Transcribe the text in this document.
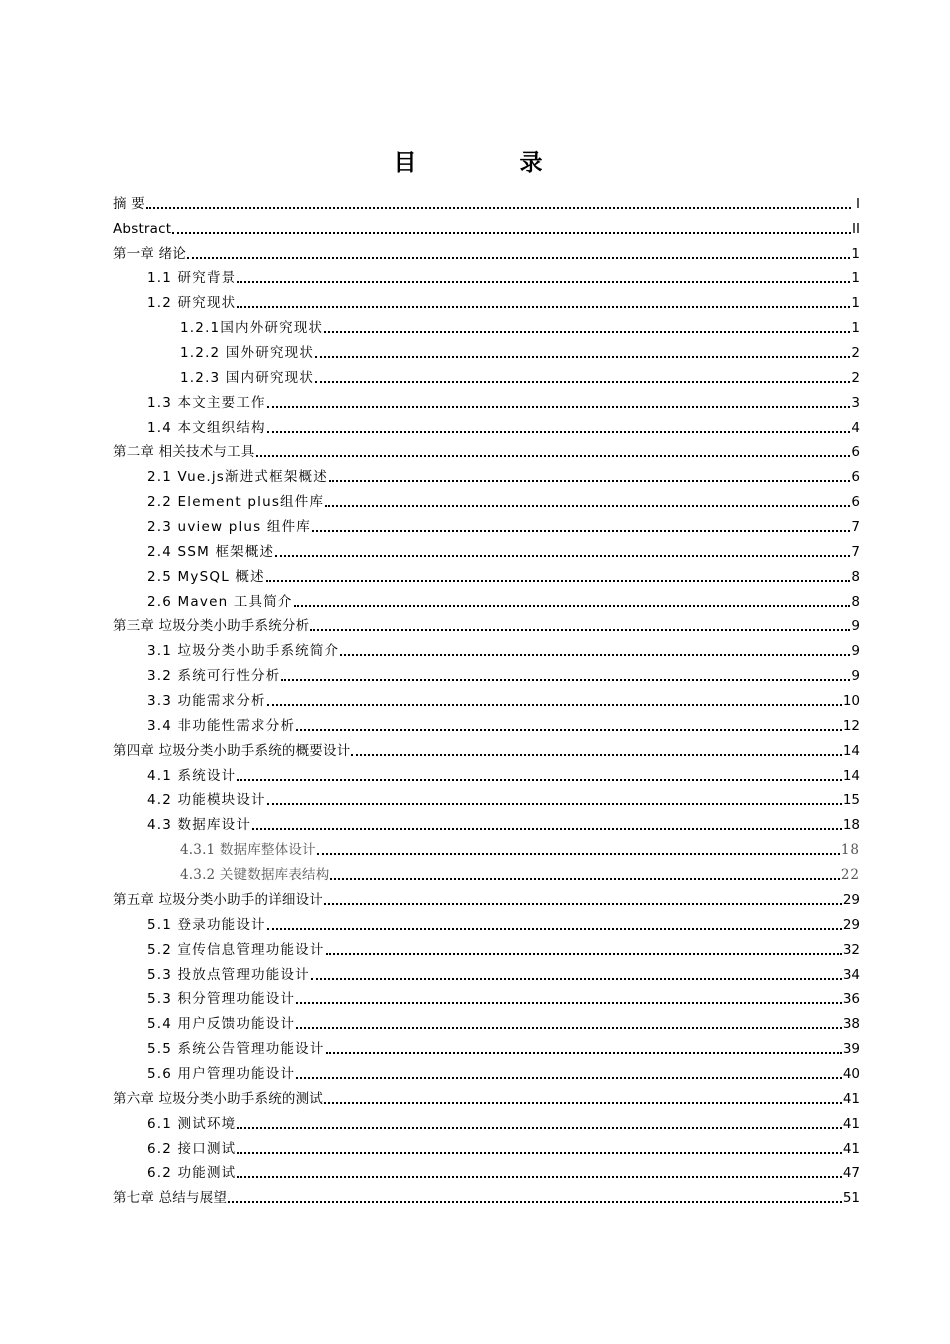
目　录
摘 要	I
Abstract	II
第一章 绪论	1
1.1 研究背景	1
1.2 研究现状	1
1.2.1国内外研究现状	1
1.2.2 国外研究现状	2
1.2.3 国内研究现状	2
1.3 本文主要工作	3
1.4 本文组织结构	4
第二章 相关技术与工具	6
2.1 Vue.js渐进式框架概述	6
2.2 Element plus组件库	6
2.3 uview plus 组件库	7
2.4 SSM 框架概述	7
2.5 MySQL 概述	8
2.6 Maven 工具简介	8
第三章 垃圾分类小助手系统分析	9
3.1 垃圾分类小助手系统简介	9
3.2 系统可行性分析	9
3.3 功能需求分析	10
3.4 非功能性需求分析	12
第四章 垃圾分类小助手系统的概要设计	14
4.1 系统设计	14
4.2 功能模块设计	15
4.3 数据库设计	18
4.3.1 数据库整体设计	18
4.3.2 关键数据库表结构	22
第五章 垃圾分类小助手的详细设计	29
5.1 登录功能设计	29
5.2 宣传信息管理功能设计	32
5.3 投放点管理功能设计	34
5.3 积分管理功能设计	36
5.4 用户反馈功能设计	38
5.5 系统公告管理功能设计	39
5.6 用户管理功能设计	40
第六章 垃圾分类小助手系统的测试	41
6.1 测试环境	41
6.2 接口测试	41
6.2 功能测试	47
第七章 总结与展望	51
